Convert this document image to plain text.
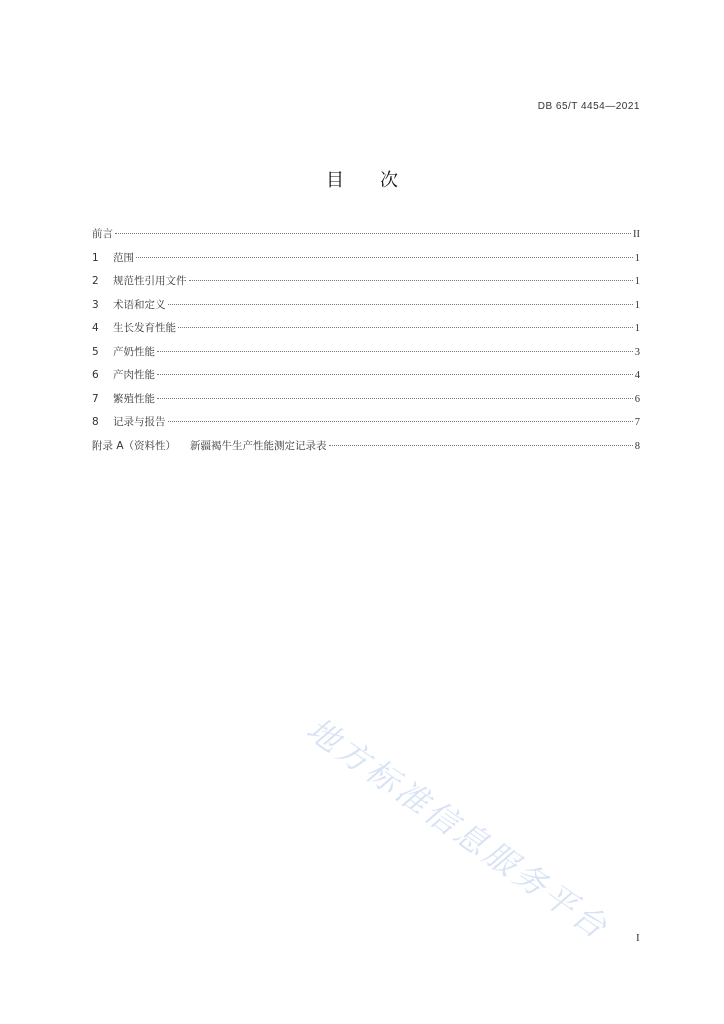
DB 65/T 4454—2021
目 次
前言	II
1	范围	1
2	规范性引用文件	1
3	术语和定义	1
4	生长发育性能	1
5	产奶性能	3
6	产肉性能	4
7	繁殖性能	6
8	记录与报告	7
附录 A（资料性） 新疆褐牛生产性能测定记录表	8
地方标准信息服务平台	I
